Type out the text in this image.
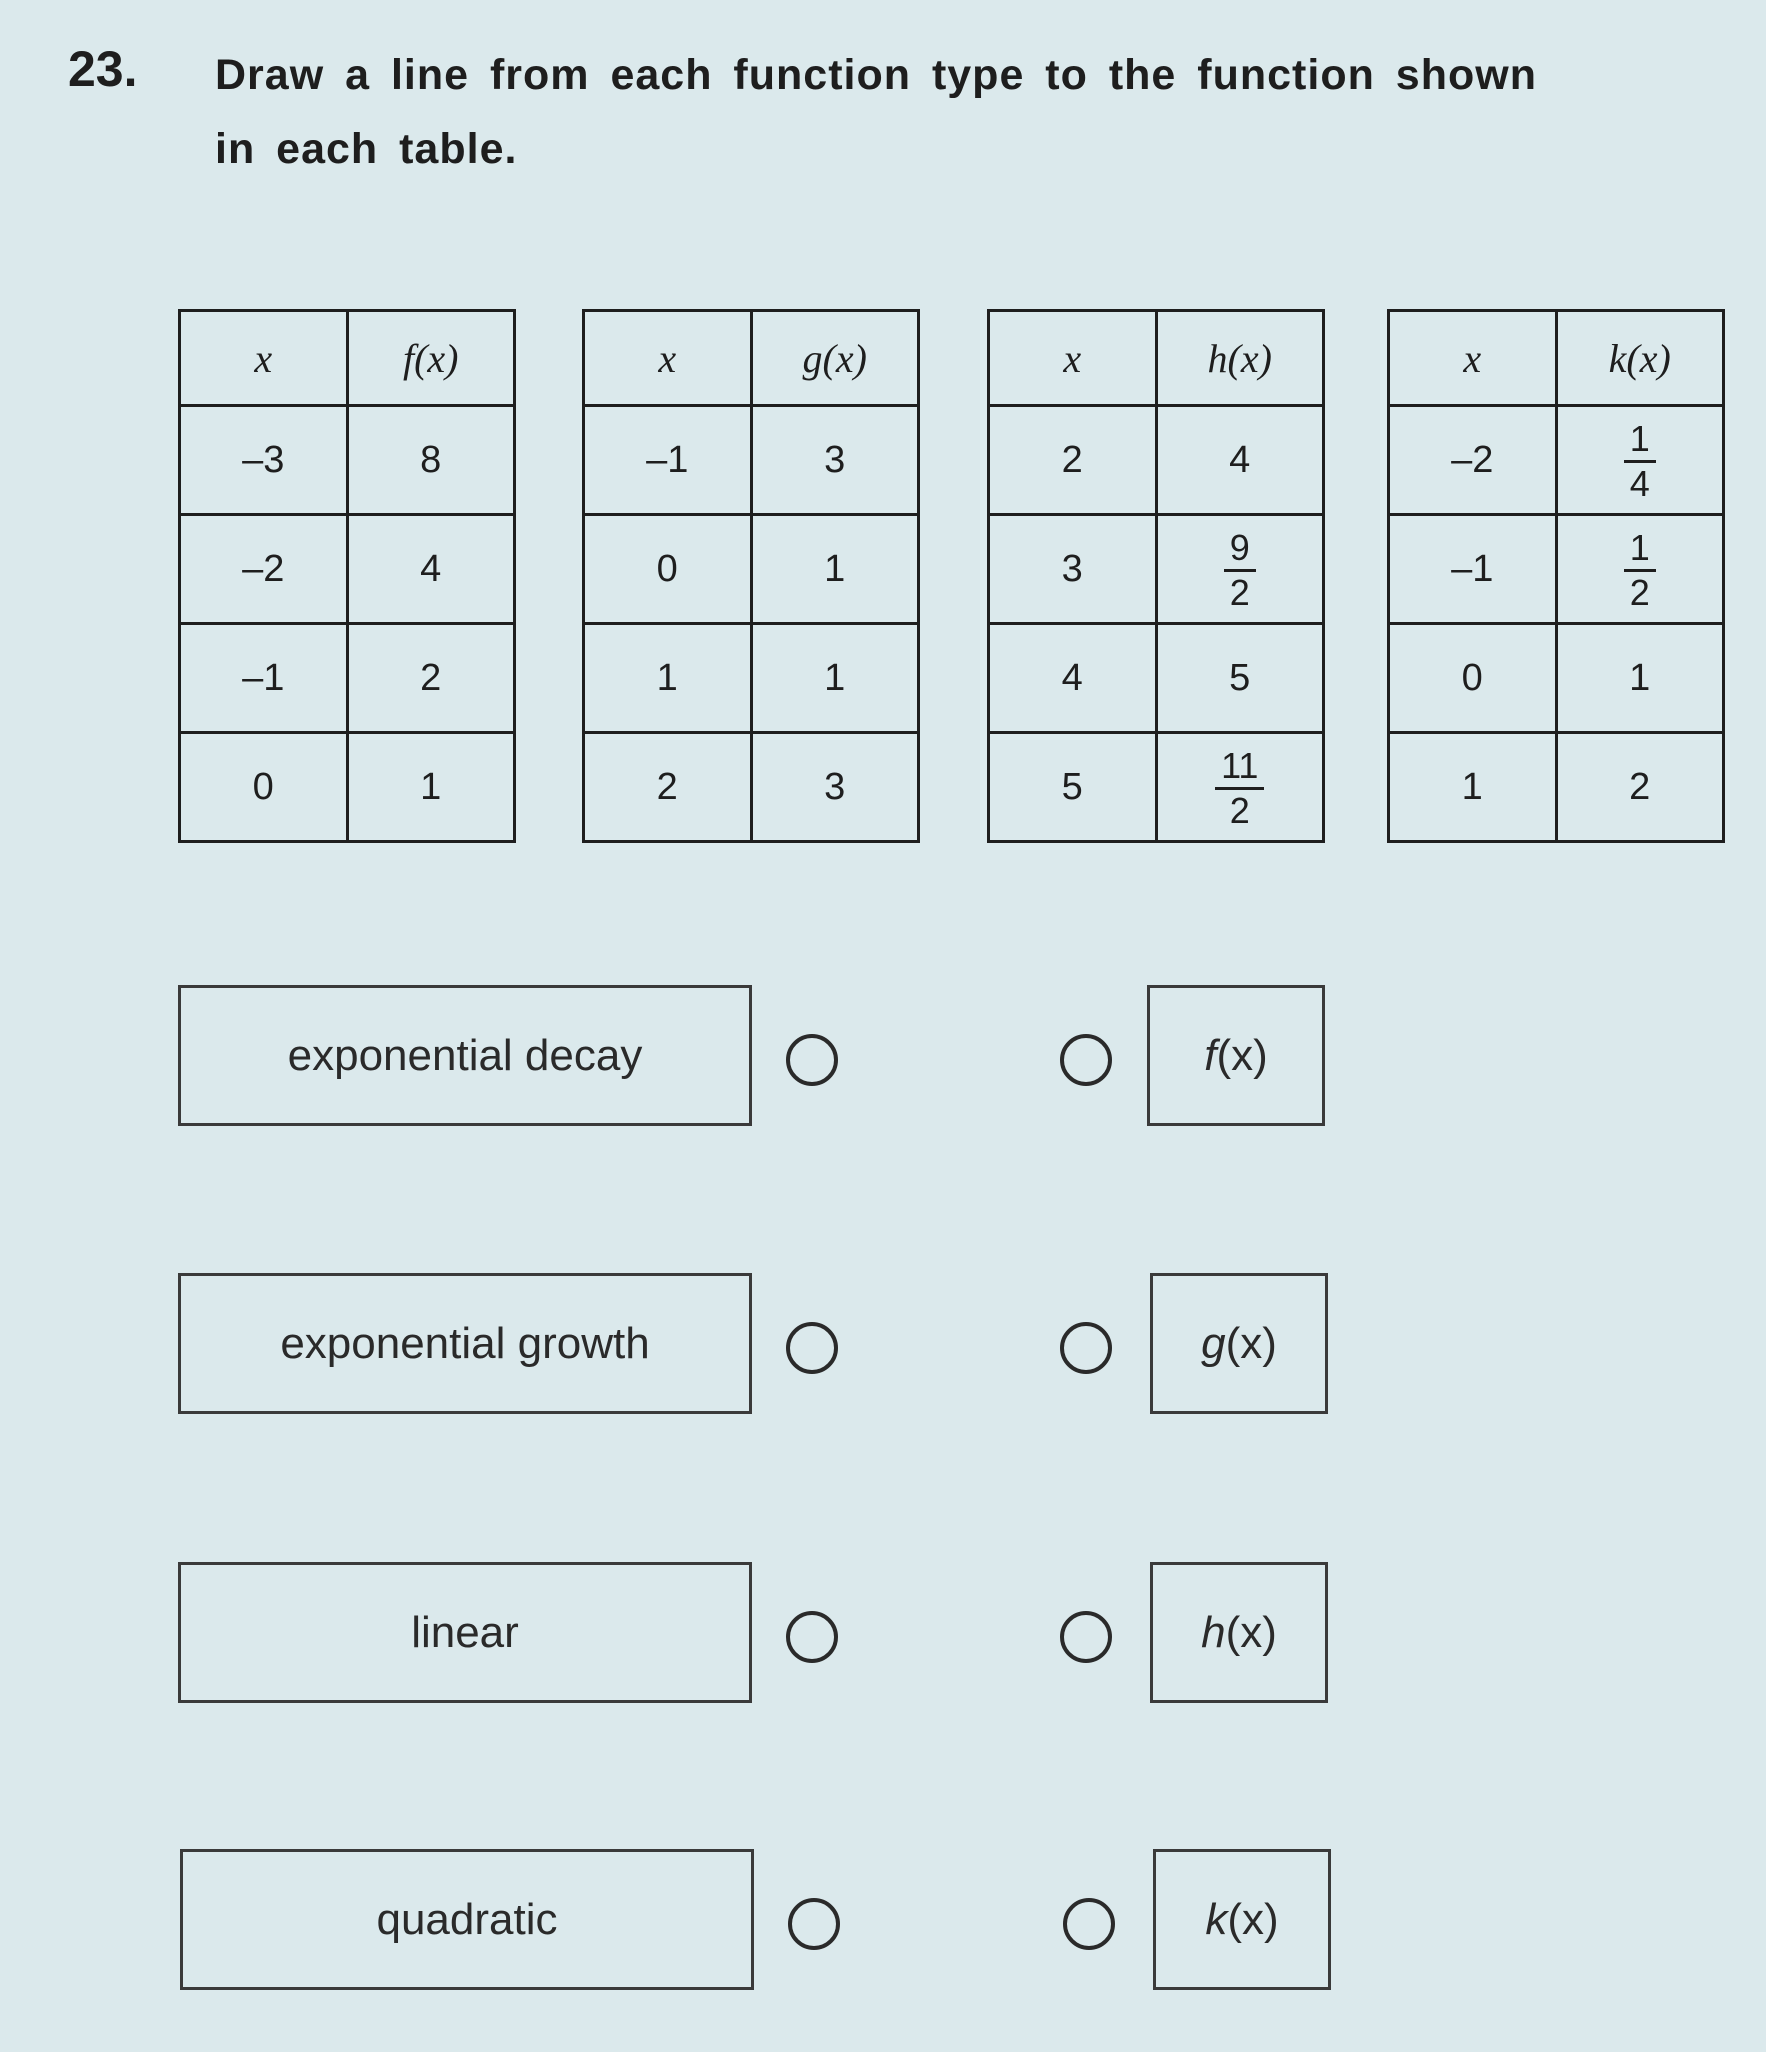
23. Draw a line from each function type to the function shown
in each table.
x	f(x)
–3	8
–2	4
–1	2
0	1
x	g(x)
–1	3
0	1
1	1
2	3
x	h(x)
2	4
3	$\frac{9}{2}$

4	5
5	$\frac{11}{2}$
x	k(x)
–2	$\frac{1}{4}$

–1	$\frac{1}{2}$

0	1
1	2
exponential decay	f (x)
exponential growth	g (x)
linear	h (x)
quadratic	k (x)
